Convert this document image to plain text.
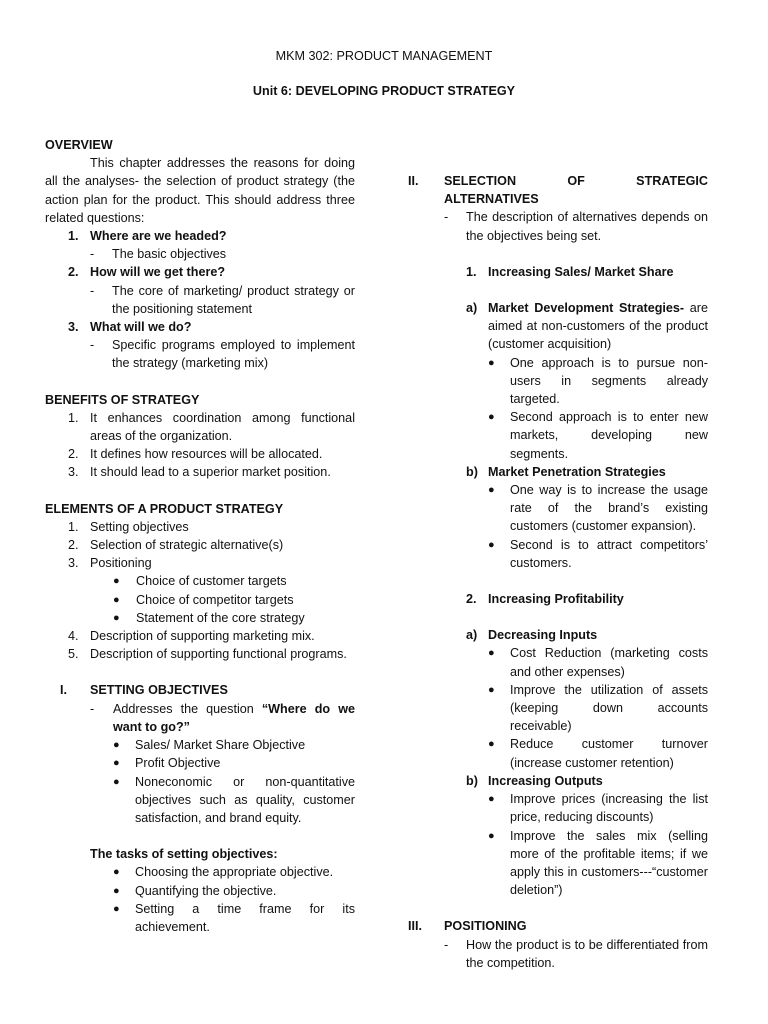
MKM 302: PRODUCT MANAGEMENT
Unit 6: DEVELOPING PRODUCT STRATEGY
OVERVIEW
This chapter addresses the reasons for doing all the analyses- the selection of product strategy (the action plan for the product. This should address three related questions:
1. Where are we headed?
-	The basic objectives
2. How will we get there?
-	The core of marketing/ product strategy or the positioning statement
3. What will we do?
-	Specific programs employed to implement the strategy (marketing mix)
BENEFITS OF STRATEGY
1. It enhances coordination among functional areas of the organization.
2. It defines how resources will be allocated.
3. It should lead to a superior market position.
ELEMENTS OF A PRODUCT STRATEGY
1. Setting objectives
2. Selection of strategic alternative(s)
3. Positioning
●	Choice of customer targets
●	Choice of competitor targets
●	Statement of the core strategy
4. Description of supporting marketing mix.
5. Description of supporting functional programs.
I.	SETTING OBJECTIVES
-	Addresses the question “Where do we want to go?”
●	Sales/ Market Share Objective
●	Profit Objective
●	Noneconomic or non-quantitative objectives such as quality, customer satisfaction, and brand equity.
The tasks of setting objectives:
●	Choosing the appropriate objective.
●	Quantifying the objective.
●	Setting a time frame for its achievement.
II.	SELECTION OF STRATEGIC ALTERNATIVES
-	The description of alternatives depends on the objectives being set.
1. Increasing Sales/ Market Share
a) Market Development Strategies- are aimed at non-customers of the product (customer acquisition)
●	One approach is to pursue non-users in segments already targeted.
●	Second approach is to enter new markets, developing new segments.
b) Market Penetration Strategies
●	One way is to increase the usage rate of the brand’s existing customers (customer expansion).
●	Second is to attract competitors’ customers.
2. Increasing Profitability
a) Decreasing Inputs
●	Cost Reduction (marketing costs and other expenses)
●	Improve the utilization of assets (keeping down accounts receivable)
●	Reduce customer turnover (increase customer retention)
b) Increasing Outputs
●	Improve prices (increasing the list price, reducing discounts)
●	Improve the sales mix (selling more of the profitable items; if we apply this in customers---“customer deletion”)
III.	POSITIONING
-	How the product is to be differentiated from the competition.
